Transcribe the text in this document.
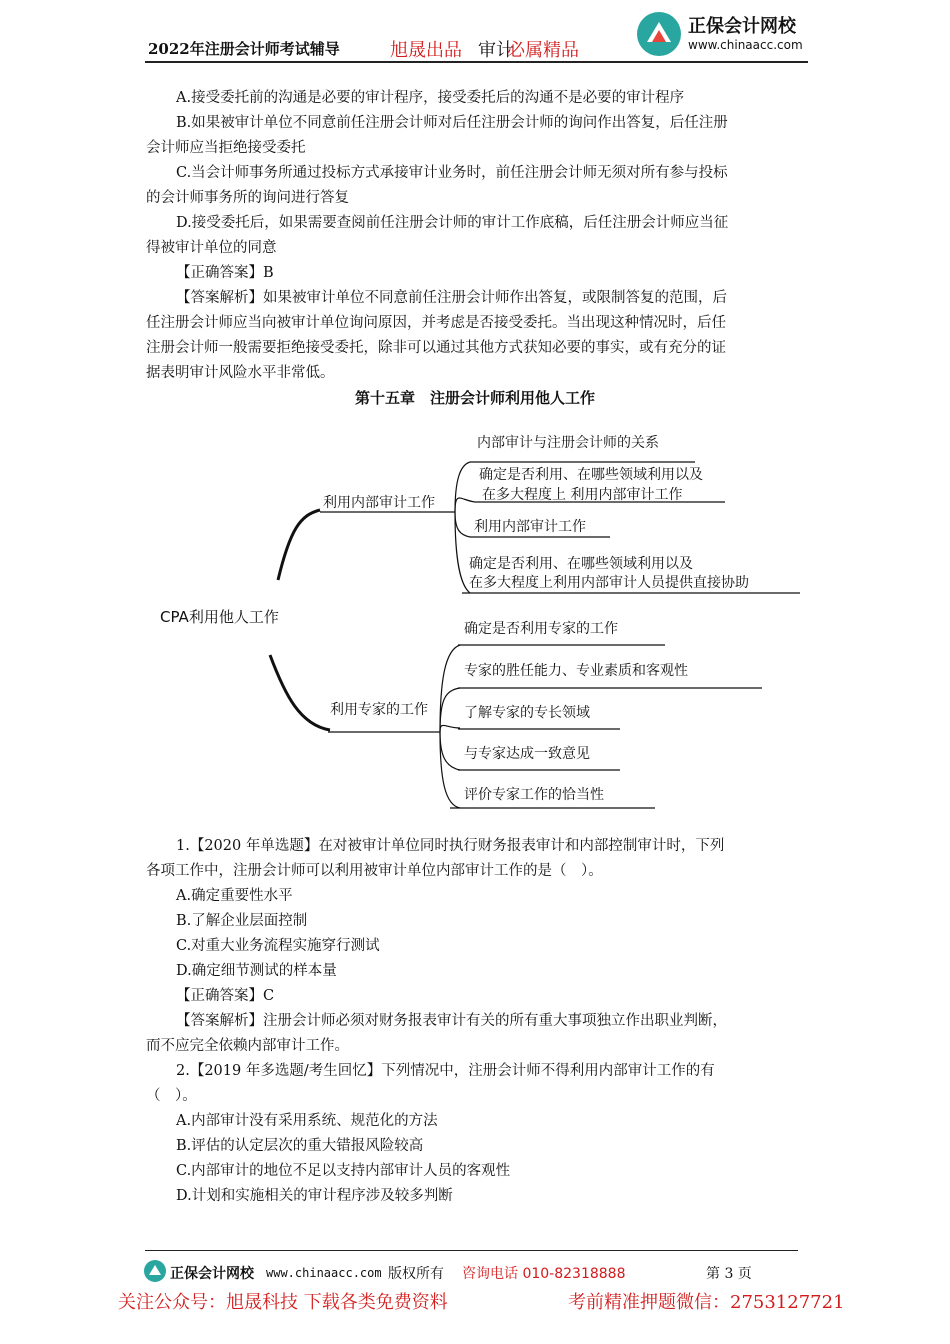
2022年注册会计师考试辅导	旭晟出品 审计
必属精品
正保会计网校
www.chinaacc.com
A.接受委托前的沟通是必要的审计程序，接受委托后的沟通不是必要的审计程序
B.如果被审计单位不同意前任注册会计师对后任注册会计师的询问作出答复，后任注册
会计师应当拒绝接受委托
C.当会计师事务所通过投标方式承接审计业务时，前任注册会计师无须对所有参与投标
的会计师事务所的询问进行答复
D.接受委托后，如果需要查阅前任注册会计师的审计工作底稿，后任注册会计师应当征
得被审计单位的同意
【正确答案】B
【答案解析】如果被审计单位不同意前任注册会计师作出答复，或限制答复的范围，后
任注册会计师应当向被审计单位询问原因，并考虑是否接受委托。当出现这种情况时，后任
注册会计师一般需要拒绝接受委托，除非可以通过其他方式获知必要的事实，或有充分的证
据表明审计风险水平非常低。
第十五章　注册会计师利用他人工作
CPA利用他人工作
利用内部审计工作
内部审计与注册会计师的关系
确定是否利用、在哪些领域利用以及
在多大程度上 利用内部审计工作
利用内部审计工作
确定是否利用、在哪些领域利用以及
在多大程度上利用内部审计人员提供直接协助
利用专家的工作
确定是否利用专家的工作
专家的胜任能力、专业素质和客观性
了解专家的专长领域
与专家达成一致意见
评价专家工作的恰当性
1.【2020 年单选题】在对被审计单位同时执行财务报表审计和内部控制审计时，下列
各项工作中，注册会计师可以利用被审计单位内部审计工作的是（　）。
A.确定重要性水平
B.了解企业层面控制
C.对重大业务流程实施穿行测试
D.确定细节测试的样本量
【正确答案】C
【答案解析】注册会计师必须对财务报表审计有关的所有重大事项独立作出职业判断，
而不应完全依赖内部审计工作。
2.【2019 年多选题/考生回忆】下列情况中，注册会计师不得利用内部审计工作的有
（　）。
A.内部审计没有采用系统、规范化的方法
B.评估的认定层次的重大错报风险较高
C.内部审计的地位不足以支持内部审计人员的客观性
D.计划和实施相关的审计程序涉及较多判断
正保会计网校 www.chinaacc.com 版权所有 咨询电话 010-82318888	第 3 页
关注公众号：旭晟科技 下载各类免费资料	考前精准押题微信：2753127721
